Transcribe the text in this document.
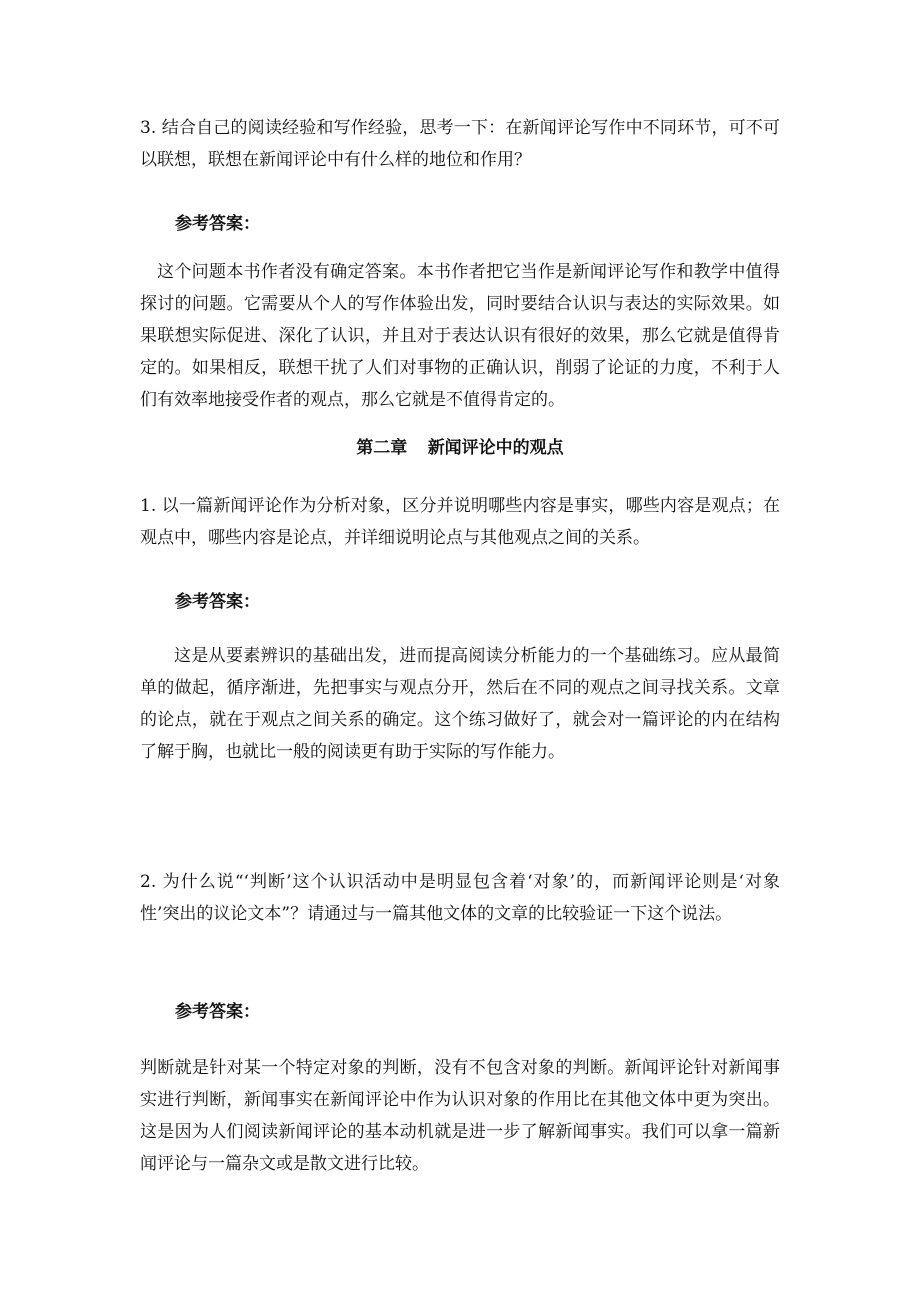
3. 结合自己的阅读经验和写作经验，思考一下：在新闻评论写作中不同环节，可不可以联想，联想在新闻评论中有什么样的地位和作用？
参考答案：
这个问题本书作者没有确定答案。本书作者把它当作是新闻评论写作和教学中值得探讨的问题。它需要从个人的写作体验出发，同时要结合认识与表达的实际效果。如果联想实际促进、深化了认识，并且对于表达认识有很好的效果，那么它就是值得肯定的。如果相反，联想干扰了人们对事物的正确认识，削弱了论证的力度，不利于人们有效率地接受作者的观点，那么它就是不值得肯定的。
第二章 新闻评论中的观点
1. 以一篇新闻评论作为分析对象，区分并说明哪些内容是事实，哪些内容是观点；在观点中，哪些内容是论点，并详细说明论点与其他观点之间的关系。
参考答案：
这是从要素辨识的基础出发，进而提高阅读分析能力的一个基础练习。应从最简单的做起，循序渐进，先把事实与观点分开，然后在不同的观点之间寻找关系。文章的论点，就在于观点之间关系的确定。这个练习做好了，就会对一篇评论的内在结构了解于胸，也就比一般的阅读更有助于实际的写作能力。
2. 为什么说“‘判断’这个认识活动中是明显包含着‘对象’的，而新闻评论则是‘对象性’突出的议论文本”？请通过与一篇其他文体的文章的比较验证一下这个说法。
参考答案：
判断就是针对某一个特定对象的判断，没有不包含对象的判断。新闻评论针对新闻事实进行判断，新闻事实在新闻评论中作为认识对象的作用比在其他文体中更为突出。这是因为人们阅读新闻评论的基本动机就是进一步了解新闻事实。我们可以拿一篇新闻评论与一篇杂文或是散文进行比较。
